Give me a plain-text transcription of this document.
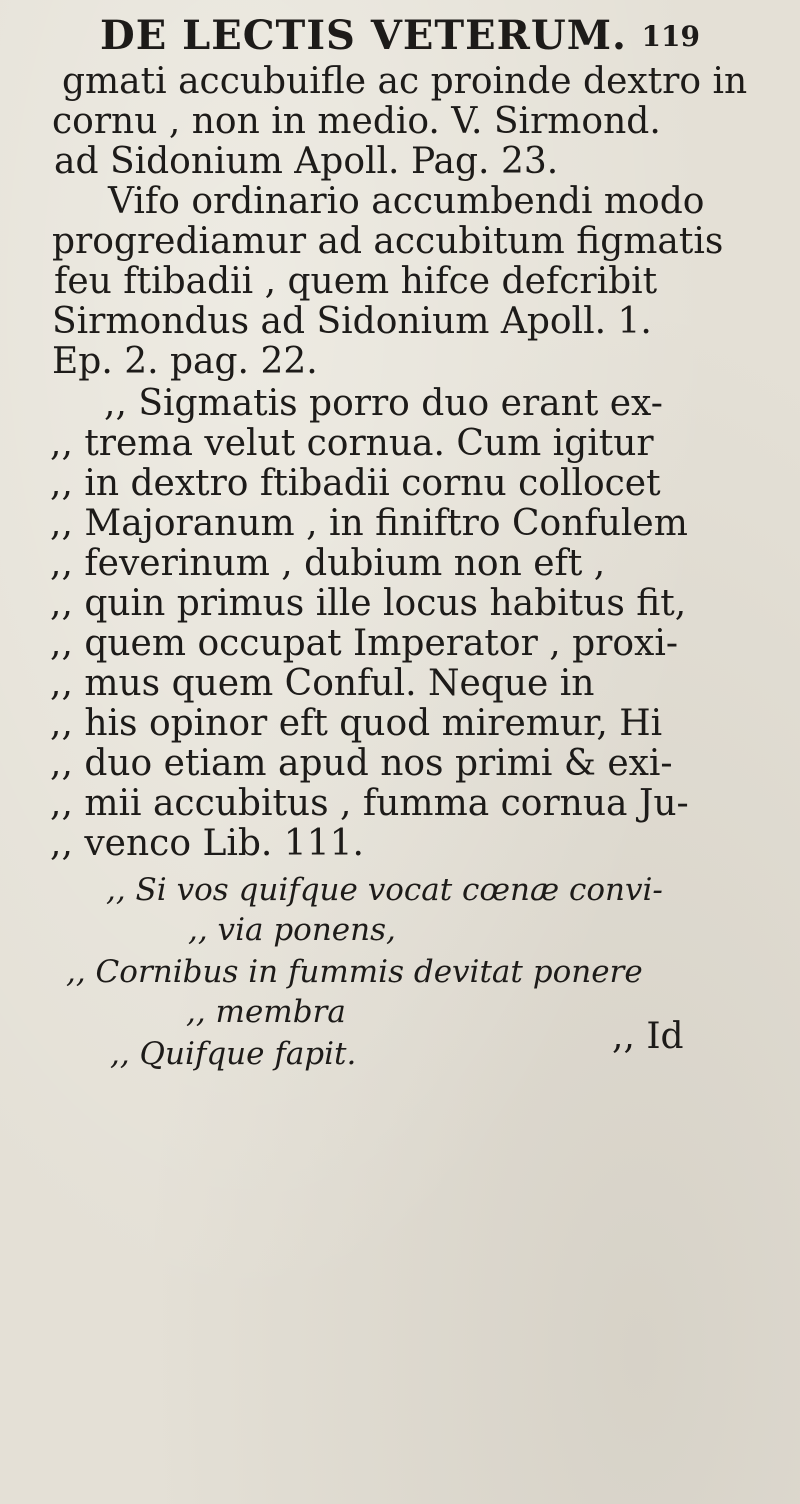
DE LECTIS VETERUM. 119
gmati accubuifle ac proinde dextro in
cornu , non in medio. V. Sirmond.
ad Sidonium Apoll. Pag. 23.
Vifo ordinario accumbendi modo
progrediamur ad accubitum figmatis
feu ftibadii , quem hifce defcribit
Sirmondus ad Sidonium Apoll. 1.
Ep. 2. pag. 22.
,, Sigmatis porro duo erant ex-
,, trema velut cornua. Cum igitur
,, in dextro ftibadii cornu collocet
,, Majoranum , in finiftro Confulem
,, feverinum , dubium non eft ,
,, quin primus ille locus habitus fit,
,, quem occupat Imperator , proxi-
,, mus quem Conful. Neque in
,, his opinor eft quod miremur, Hi
,, duo etiam apud nos primi & exi-
,, mii accubitus , fumma cornua Ju-
,, venco Lib. 111.
,, Si vos quifque vocat cœnæ convi-
,, via ponens,
,, Cornibus in fummis devitat ponere
,, membra
,, Quifque fapit.	,, Id
